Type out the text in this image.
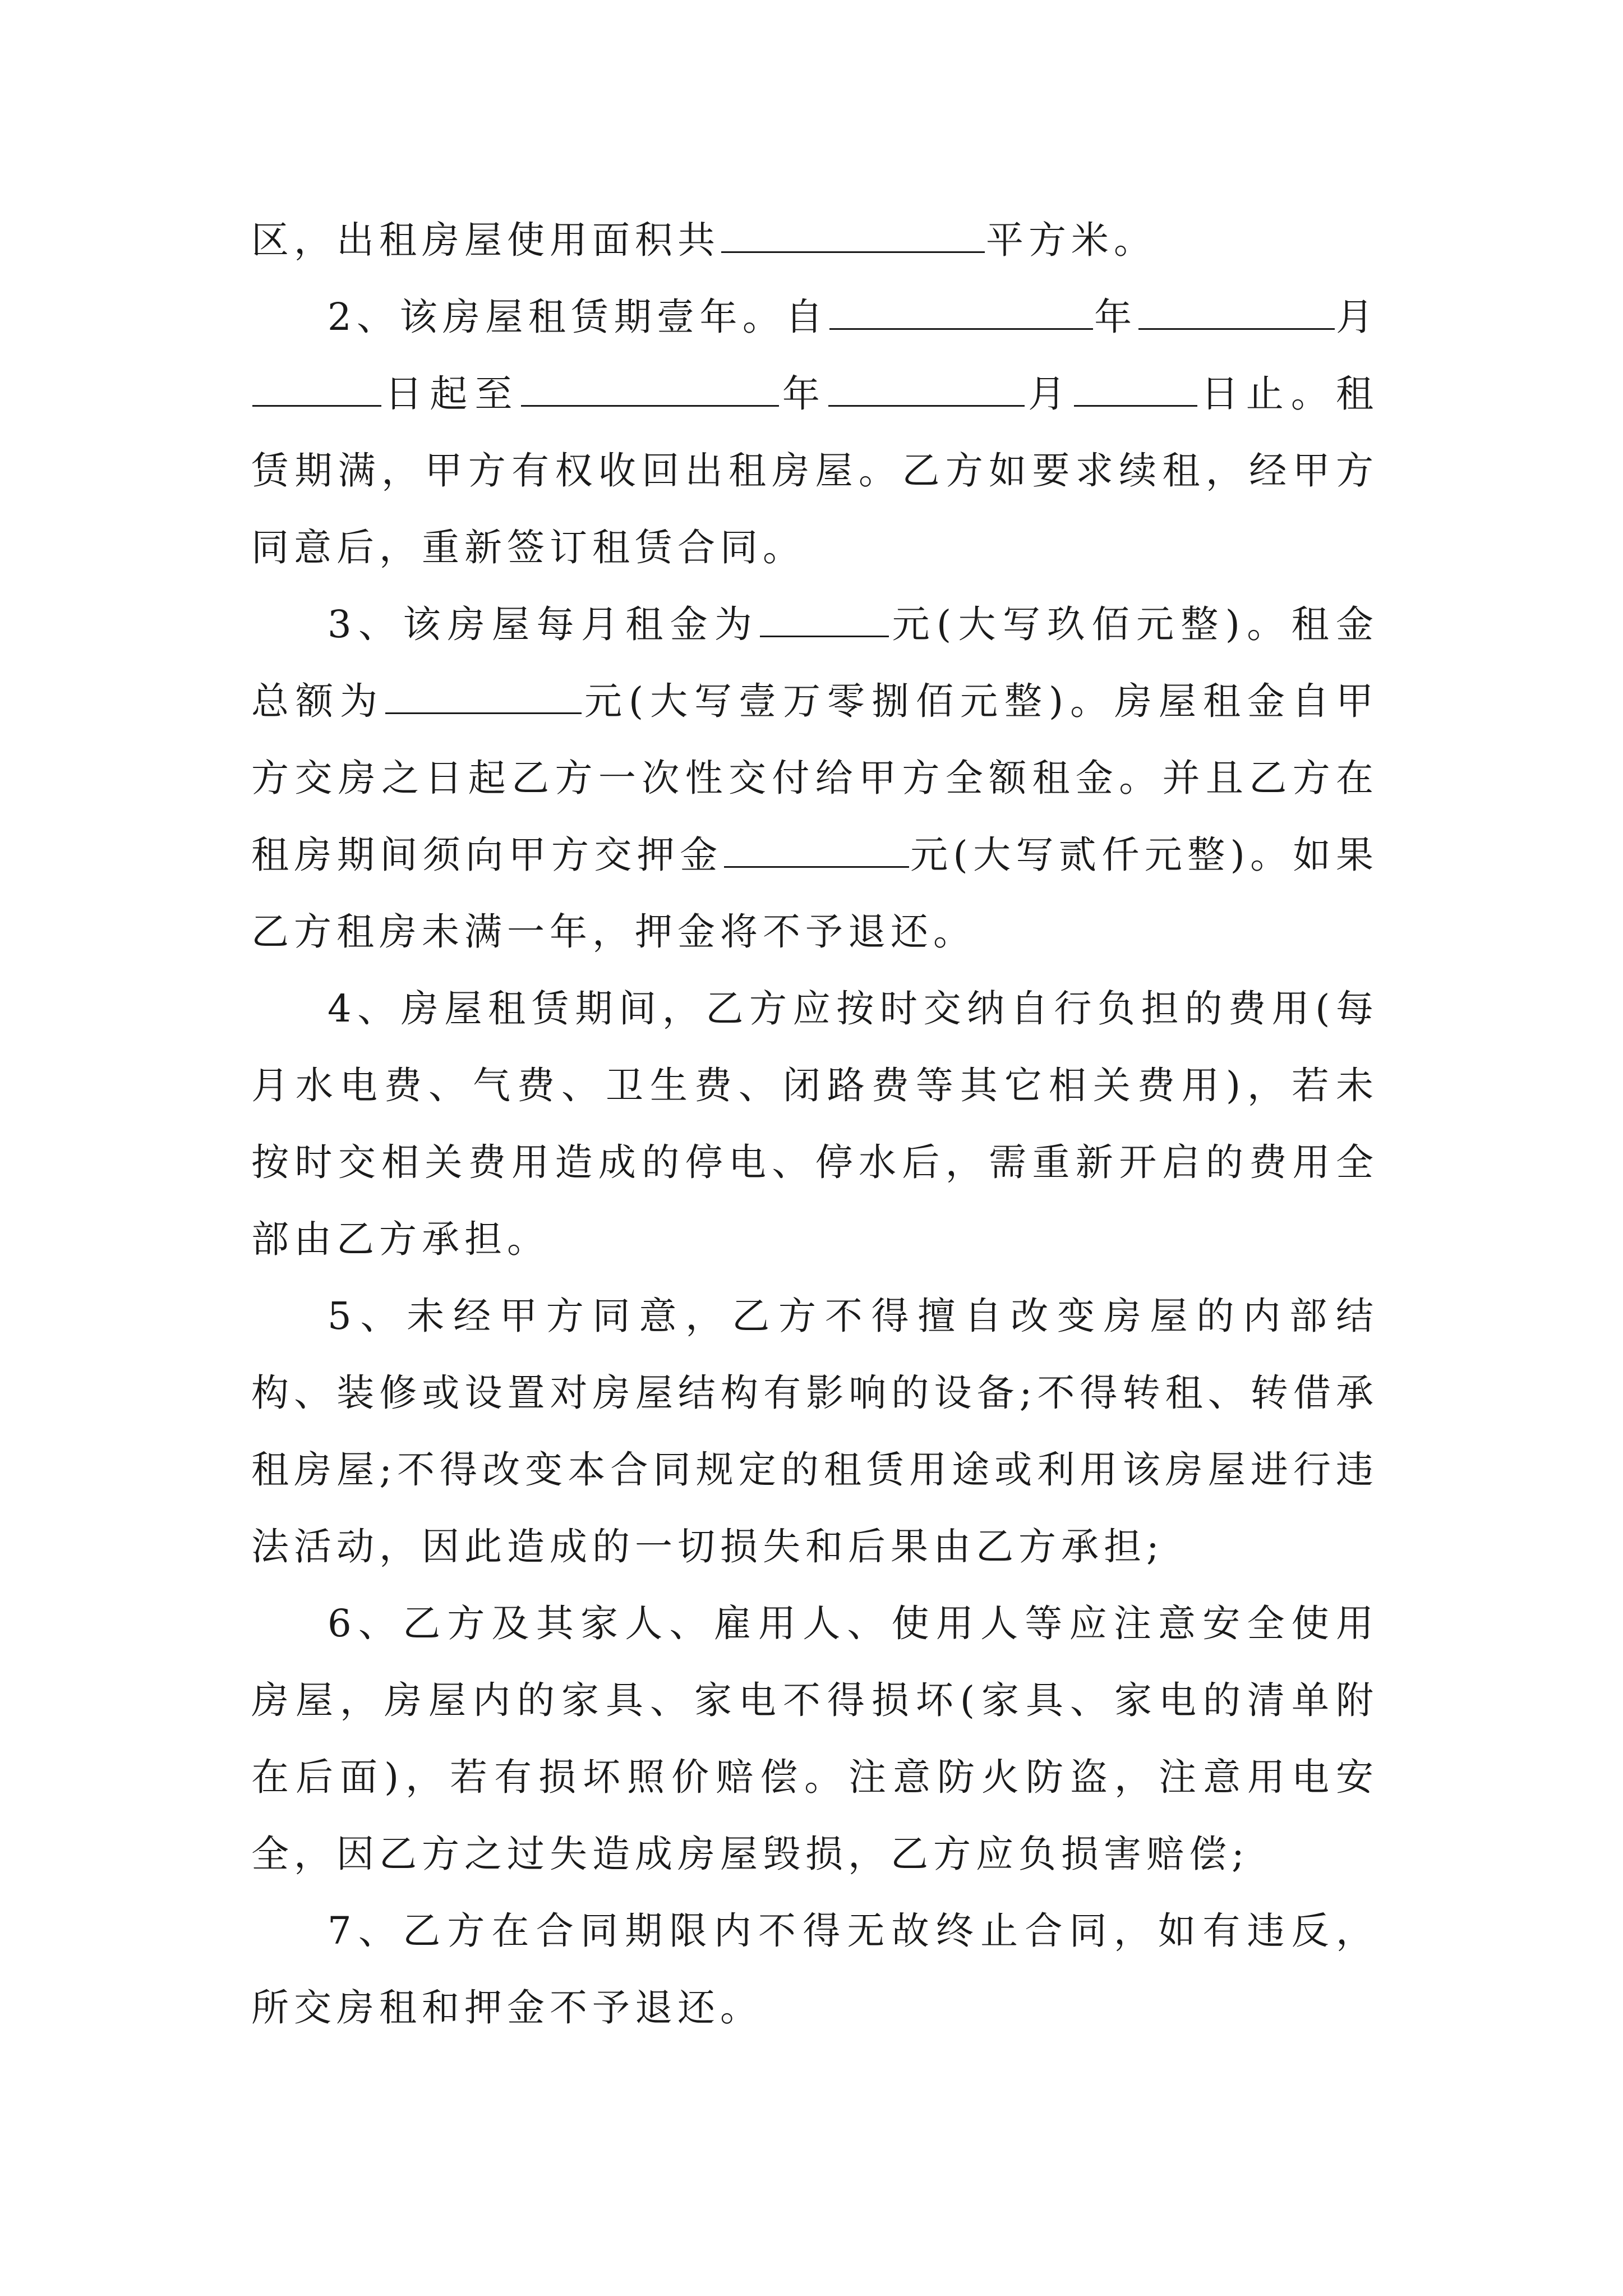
区，出租房屋使用面积共	平方米。

2、该房屋租赁期壹年。自	年	月日起至	年	月	日止。租赁期满，甲方有权收回出租房屋。乙方如要求续租，经甲方同意后，重新签订租赁合同。

3、该房屋每月租金为	元(大写玖佰元整)。租金总额为	元(大写壹万零捌佰元整)。房屋租金自甲方交房之日起乙方一次性交付给甲方全额租金。并且乙方在租房期间须向甲方交押金	元(大写贰仟元整)。如果乙方租房未满一年，押金将不予退还。

4、房屋租赁期间，乙方应按时交纳自行负担的费用(每月水电费、气费、卫生费、闭路费等其它相关费用)，若未按时交相关费用造成的停电、停水后，需重新开启的费用全部由乙方承担。

5、未经甲方同意，乙方不得擅自改变房屋的内部结构、装修或设置对房屋结构有影响的设备;不得转租、转借承租房屋;不得改变本合同规定的租赁用途或利用该房屋进行违法活动，因此造成的一切损失和后果由乙方承担;

6、乙方及其家人、雇用人、使用人等应注意安全使用房屋，房屋内的家具、家电不得损坏(家具、家电的清单附在后面)，若有损坏照价赔偿。注意防火防盗，注意用电安全，因乙方之过失造成房屋毁损，乙方应负损害赔偿;

7、乙方在合同期限内不得无故终止合同，如有违反，所交房租和押金不予退还。
